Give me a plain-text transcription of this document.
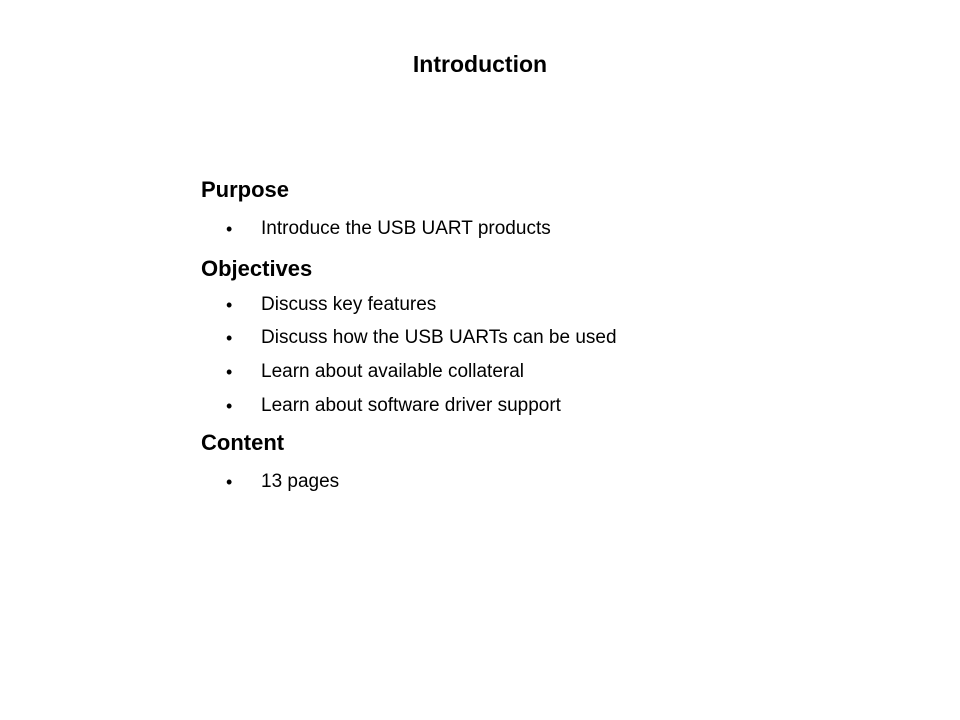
Introduction
Purpose
•	Introduce the USB UART products
Objectives
•	Discuss key features
•	Discuss how the USB UARTs can be used
•	Learn about available collateral
•	Learn about software driver support
Content
•	13 pages
